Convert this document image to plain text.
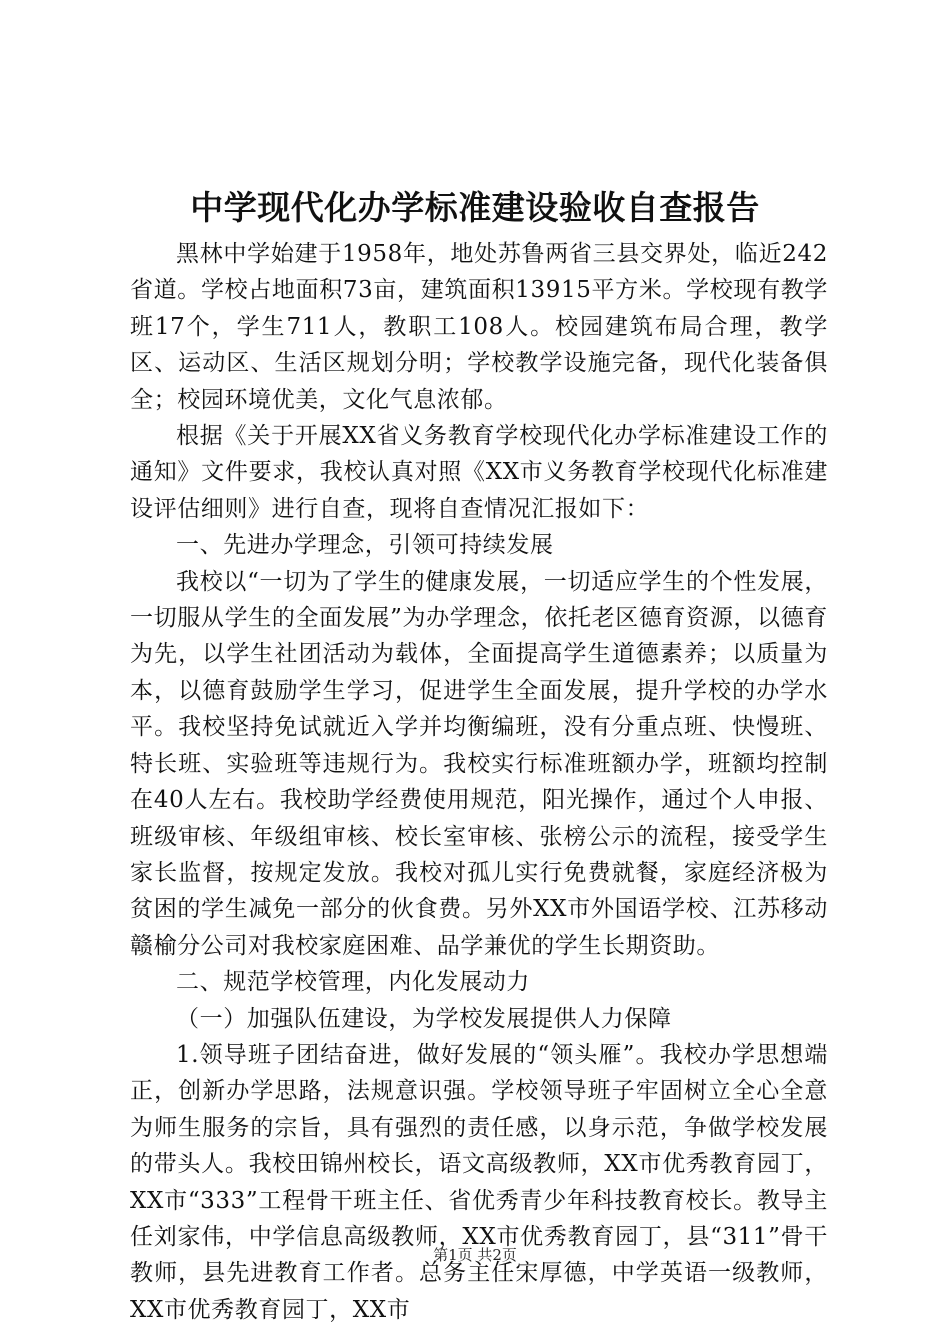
中学现代化办学标准建设验收自查报告

黑林中学始建于1958年，地处苏鲁两省三县交界处，临近242省道。学校占地面积73亩，建筑面积13915平方米。学校现有教学班17个，学生711人，教职工108人。校园建筑布局合理，教学区、运动区、生活区规划分明；学校教学设施完备，现代化装备俱全；校园环境优美，文化气息浓郁。

根据《关于开展XX省义务教育学校现代化办学标准建设工作的通知》文件要求，我校认真对照《XX市义务教育学校现代化标准建设评估细则》进行自查，现将自查情况汇报如下：

一、先进办学理念，引领可持续发展

我校以“一切为了学生的健康发展，一切适应学生的个性发展，一切服从学生的全面发展”为办学理念，依托老区德育资源，以德育为先，以学生社团活动为载体，全面提高学生道德素养；以质量为本，以德育鼓励学生学习，促进学生全面发展，提升学校的办学水平。我校坚持免试就近入学并均衡编班，没有分重点班、快慢班、特长班、实验班等违规行为。我校实行标准班额办学，班额均控制在40人左右。我校助学经费使用规范，阳光操作，通过个人申报、班级审核、年级组审核、校长室审核、张榜公示的流程，接受学生家长监督，按规定发放。我校对孤儿实行免费就餐，家庭经济极为贫困的学生减免一部分的伙食费。另外XX市外国语学校、江苏移动赣榆分公司对我校家庭困难、品学兼优的学生长期资助。

二、规范学校管理，内化发展动力

（一）加强队伍建设，为学校发展提供人力保障

1.领导班子团结奋进，做好发展的“领头雁”。我校办学思想端正，创新办学思路，法规意识强。学校领导班子牢固树立全心全意为师生服务的宗旨，具有强烈的责任感，以身示范，争做学校发展的带头人。我校田锦州校长，语文高级教师，XX市优秀教育园丁，XX市“333”工程骨干班主任、省优秀青少年科技教育校长。教导主任刘家伟，中学信息高级教师，XX市优秀教育园丁，县“311”骨干教师，县先进教育工作者。总务主任宋厚德，中学英语一级教师，XX市优秀教育园丁，XX市

第1页 共2页
